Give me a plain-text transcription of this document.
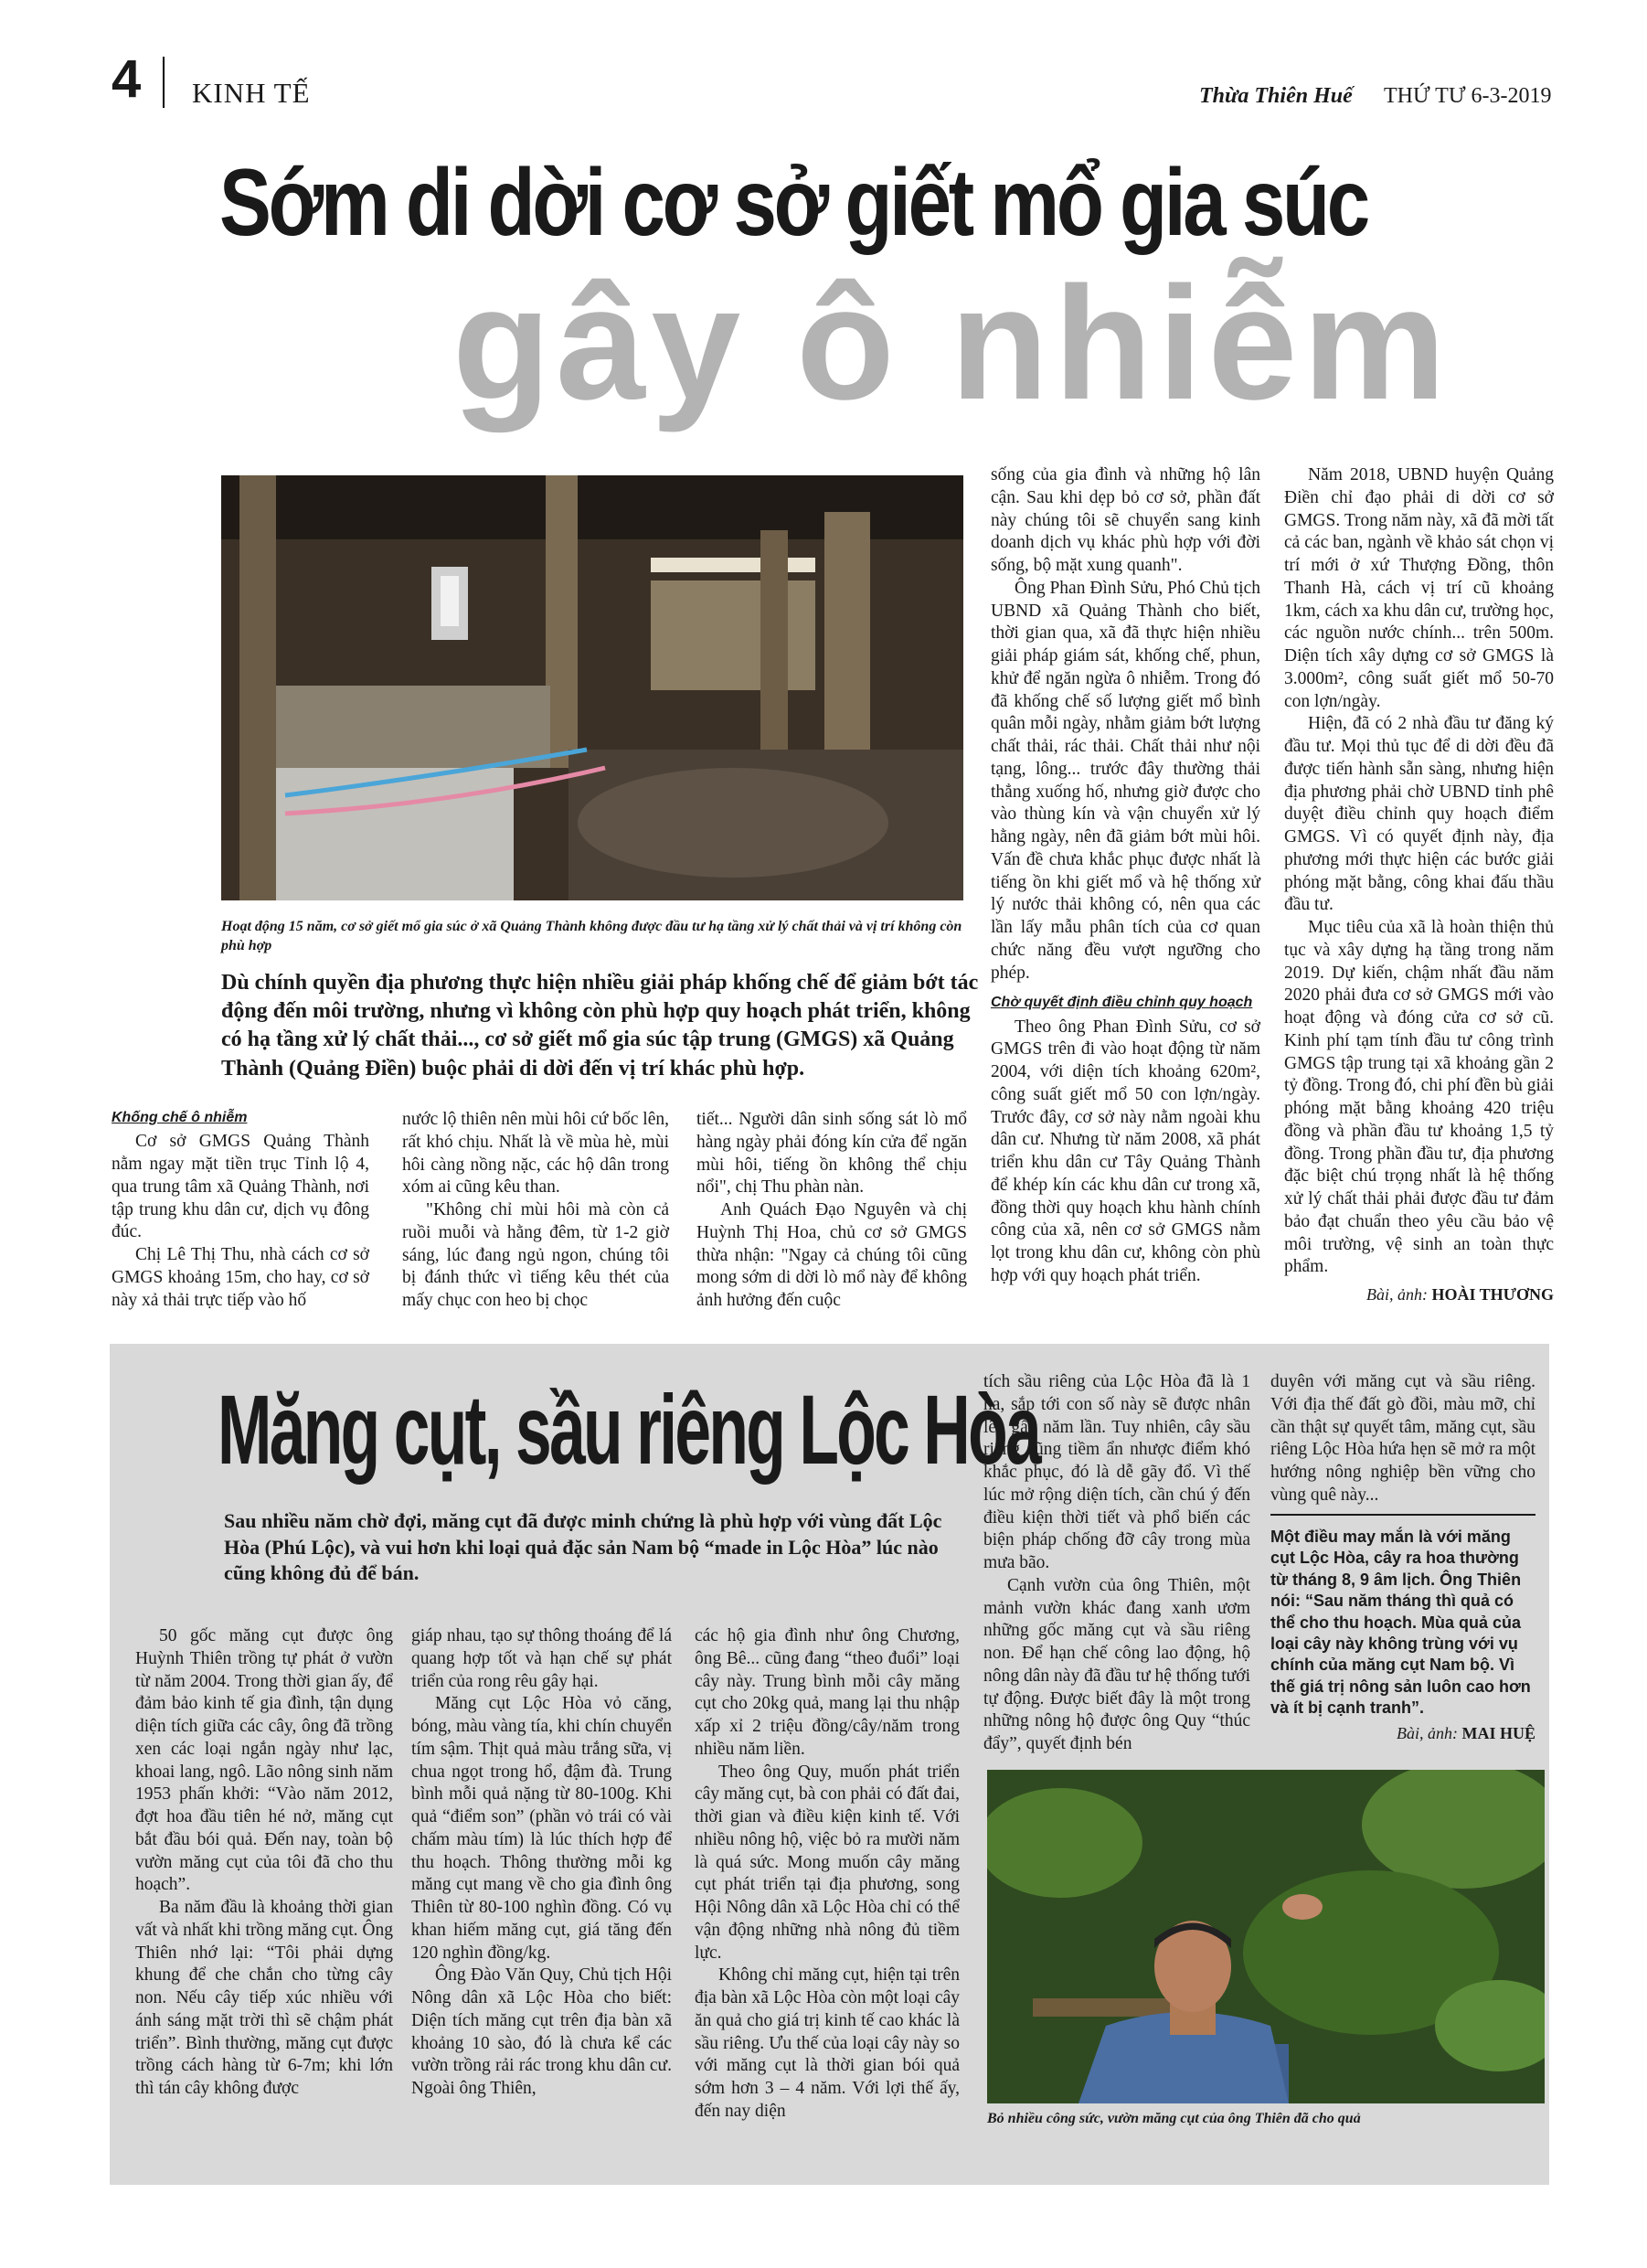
4 KINH TẾ	Thừa Thiên Huế THỨ TƯ 6-3-2019
Sớm di dời cơ sở giết mổ gia súc
gây ô nhiễm
Hoạt động 15 năm, cơ sở giết mổ gia súc ở xã Quảng Thành không được đầu tư hạ tầng xử lý chất thải và vị trí không còn phù hợp
Dù chính quyền địa phương thực hiện nhiều giải pháp khống chế để giảm bớt tác động đến môi trường, nhưng vì không còn phù hợp quy hoạch phát triển, không có hạ tầng xử lý chất thải..., cơ sở giết mổ gia súc tập trung (GMGS) xã Quảng Thành (Quảng Điền) buộc phải di dời đến vị trí khác phù hợp.
Khống chế ô nhiễm

Cơ sở GMGS Quảng Thành nằm ngay mặt tiền trục Tỉnh lộ 4, qua trung tâm xã Quảng Thành, nơi tập trung khu dân cư, dịch vụ đông đúc.

Chị Lê Thị Thu, nhà cách cơ sở GMGS khoảng 15m, cho hay, cơ sở này xả thải trực tiếp vào hố

nước lộ thiên nên mùi hôi cứ bốc lên, rất khó chịu. Nhất là về mùa hè, mùi hôi càng nồng nặc, các hộ dân trong xóm ai cũng kêu than.

"Không chỉ mùi hôi mà còn cả ruồi muỗi và hằng đêm, từ 1-2 giờ sáng, lúc đang ngủ ngon, chúng tôi bị đánh thức vì tiếng kêu thét của mấy chục con heo bị chọc

tiết... Người dân sinh sống sát lò mổ hàng ngày phải đóng kín cửa để ngăn mùi hôi, tiếng ồn không thể chịu nổi", chị Thu phàn nàn.

Anh Quách Đạo Nguyên và chị Huỳnh Thị Hoa, chủ cơ sở GMGS thừa nhận: "Ngay cả chúng tôi cũng mong sớm di dời lò mổ này để không ảnh hưởng đến cuộc

sống của gia đình và những hộ lân cận. Sau khi dẹp bỏ cơ sở, phần đất này chúng tôi sẽ chuyển sang kinh doanh dịch vụ khác phù hợp với đời sống, bộ mặt xung quanh".

Ông Phan Đình Sửu, Phó Chủ tịch UBND xã Quảng Thành cho biết, thời gian qua, xã đã thực hiện nhiều giải pháp giám sát, khống chế, phun, khử để ngăn ngừa ô nhiễm. Trong đó đã khống chế số lượng giết mổ bình quân mỗi ngày, nhằm giảm bớt lượng chất thải, rác thải. Chất thải như nội tạng, lông... trước đây thường thải thẳng xuống hố, nhưng giờ được cho vào thùng kín và vận chuyển xử lý hằng ngày, nên đã giảm bớt mùi hôi. Vấn đề chưa khắc phục được nhất là tiếng ồn khi giết mổ và hệ thống xử lý nước thải không có, nên qua các lần lấy mẫu phân tích của cơ quan chức năng đều vượt ngưỡng cho phép.

Chờ quyết định điều chỉnh quy hoạch

Theo ông Phan Đình Sửu, cơ sở GMGS trên đi vào hoạt động từ năm 2004, với diện tích khoảng 620m², công suất giết mổ 50 con lợn/ngày. Trước đây, cơ sở này nằm ngoài khu dân cư. Nhưng từ năm 2008, xã phát triển khu dân cư Tây Quảng Thành để khép kín các khu dân cư trong xã, đồng thời quy hoạch khu hành chính công của xã, nên cơ sở GMGS nằm lọt trong khu dân cư, không còn phù hợp với quy hoạch phát triển.

Năm 2018, UBND huyện Quảng Điền chỉ đạo phải di dời cơ sở GMGS. Trong năm này, xã đã mời tất cả các ban, ngành về khảo sát chọn vị trí mới ở xứ Thượng Đồng, thôn Thanh Hà, cách vị trí cũ khoảng 1km, cách xa khu dân cư, trường học, các nguồn nước chính... trên 500m. Diện tích xây dựng cơ sở GMGS là 3.000m², công suất giết mổ 50-70 con lợn/ngày.

Hiện, đã có 2 nhà đầu tư đăng ký đầu tư. Mọi thủ tục để di dời đều đã được tiến hành sẵn sàng, nhưng hiện địa phương phải chờ UBND tỉnh phê duyệt điều chỉnh quy hoạch điểm GMGS. Vì có quyết định này, địa phương mới thực hiện các bước giải phóng mặt bằng, công khai đấu thầu đầu tư.

Mục tiêu của xã là hoàn thiện thủ tục và xây dựng hạ tầng trong năm 2019. Dự kiến, chậm nhất đầu năm 2020 phải đưa cơ sở GMGS mới vào hoạt động và đóng cửa cơ sở cũ. Kinh phí tạm tính đầu tư công trình GMGS tập trung tại xã khoảng gần 2 tỷ đồng. Trong đó, chi phí đền bù giải phóng mặt bằng khoảng 420 triệu đồng và phần đầu tư khoảng 1,5 tỷ đồng. Trong phần đầu tư, địa phương đặc biệt chú trọng nhất là hệ thống xử lý chất thải phải được đầu tư đảm bảo đạt chuẩn theo yêu cầu bảo vệ môi trường, vệ sinh an toàn thực phẩm.

Bài, ảnh: HOÀI THƯƠNG
Măng cụt, sầu riêng Lộc Hòa
Sau nhiều năm chờ đợi, măng cụt đã được minh chứng là phù hợp với vùng đất Lộc Hòa (Phú Lộc), và vui hơn khi loại quả đặc sản Nam bộ “made in Lộc Hòa” lúc nào cũng không đủ để bán.

50 gốc măng cụt được ông Huỳnh Thiên trồng tự phát ở vườn từ năm 2004. Trong thời gian ấy, để đảm bảo kinh tế gia đình, tận dụng diện tích giữa các cây, ông đã trồng xen các loại ngắn ngày như lạc, khoai lang, ngô. Lão nông sinh năm 1953 phấn khởi: “Vào năm 2012, đợt hoa đầu tiên hé nở, măng cụt bắt đầu bói quả. Đến nay, toàn bộ vườn măng cụt của tôi đã cho thu hoạch”.

Ba năm đầu là khoảng thời gian vất và nhất khi trồng măng cụt. Ông Thiên nhớ lại: “Tôi phải dựng khung để che chắn cho từng cây non. Nếu cây tiếp xúc nhiều với ánh sáng mặt trời thì sẽ chậm phát triển”. Bình thường, măng cụt được trồng cách hàng từ 6-7m; khi lớn thì tán cây không được

giáp nhau, tạo sự thông thoáng để lá quang hợp tốt và hạn chế sự phát triển của rong rêu gây hại.

Măng cụt Lộc Hòa vỏ căng, bóng, màu vàng tía, khi chín chuyển tím sậm. Thịt quả màu trắng sữa, vị chua ngọt trong hổ, đậm đà. Trung bình mỗi quả nặng từ 80-100g. Khi quả “điểm son” (phần vỏ trái có vài chấm màu tím) là lúc thích hợp để thu hoạch. Thông thường mỗi kg măng cụt mang về cho gia đình ông Thiên từ 80-100 nghìn đồng. Có vụ khan hiếm măng cụt, giá tăng đến 120 nghìn đồng/kg.

Ông Đào Văn Quy, Chủ tịch Hội Nông dân xã Lộc Hòa cho biết: Diện tích măng cụt trên địa bàn xã khoảng 10 sào, đó là chưa kể các vườn trồng rải rác trong khu dân cư. Ngoài ông Thiên,

các hộ gia đình như ông Chương, ông Bê... cũng đang “theo đuổi” loại cây này. Trung bình mỗi cây măng cụt cho 20kg quả, mang lại thu nhập xấp xỉ 2 triệu đồng/cây/năm trong nhiều năm liền.

Theo ông Quy, muốn phát triển cây măng cụt, bà con phải có đất đai, thời gian và điều kiện kinh tế. Với nhiều nông hộ, việc bỏ ra mười năm là quá sức. Mong muốn cây măng cụt phát triển tại địa phương, song Hội Nông dân xã Lộc Hòa chỉ có thể vận động những nhà nông đủ tiềm lực.

Không chỉ măng cụt, hiện tại trên địa bàn xã Lộc Hòa còn một loại cây ăn quả cho giá trị kinh tế cao khác là sầu riêng. Ưu thế của loại cây này so với măng cụt là thời gian bói quả sớm hơn 3 – 4 năm. Với lợi thế ấy, đến nay diện

tích sầu riêng của Lộc Hòa đã là 1 ha, sắp tới con số này sẽ được nhân lên gấp năm lần. Tuy nhiên, cây sầu riêng cũng tiềm ẩn nhược điểm khó khắc phục, đó là dễ gãy đổ. Vì thế lúc mở rộng diện tích, cần chú ý đến điều kiện thời tiết và phổ biến các biện pháp chống đỡ cây trong mùa mưa bão.

Cạnh vườn của ông Thiên, một mảnh vườn khác đang xanh ươm những gốc măng cụt và sầu riêng non. Để hạn chế công lao động, hộ nông dân này đã đầu tư hệ thống tưới tự động. Được biết đây là một trong những nông hộ được ông Quy “thúc đẩy”, quyết định bén

duyên với măng cụt và sầu riêng. Với địa thế đất gò đồi, màu mỡ, chỉ cần thật sự quyết tâm, măng cụt, sầu riêng Lộc Hòa hứa hẹn sẽ mở ra một hướng nông nghiệp bền vững cho vùng quê này...

Một điều may mắn là với măng cụt Lộc Hòa, cây ra hoa thường từ tháng 8, 9 âm lịch. Ông Thiên nói: “Sau năm tháng thì quả có thể cho thu hoạch. Mùa quả của loại cây này không trùng với vụ chính của măng cụt Nam bộ. Vì thế giá trị nông sản luôn cao hơn và ít bị cạnh tranh”.
Bài, ảnh: MAI HUỆ
Bỏ nhiều công sức, vườn măng cụt của ông Thiên đã cho quả
